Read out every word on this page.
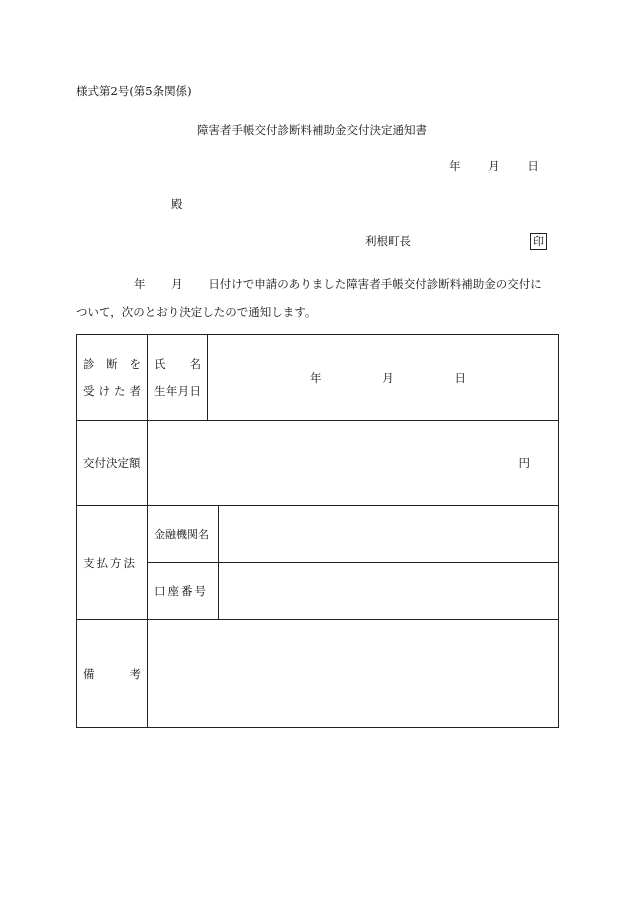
様式第2号(第5条関係)
障害者手帳交付診断料補助金交付決定通知書
年 月 日
殿
利根町長	印
年 月 日付けで申請のありました障害者手帳交付診断料補助金の交付に
ついて，次のとおり決定したので通知します。
診 断 を
受 け た 者	氏　名
生年月日	年 月 日	

交付決定額	円		
支払方法	金融機関名		
	口座番号		
備　考			
